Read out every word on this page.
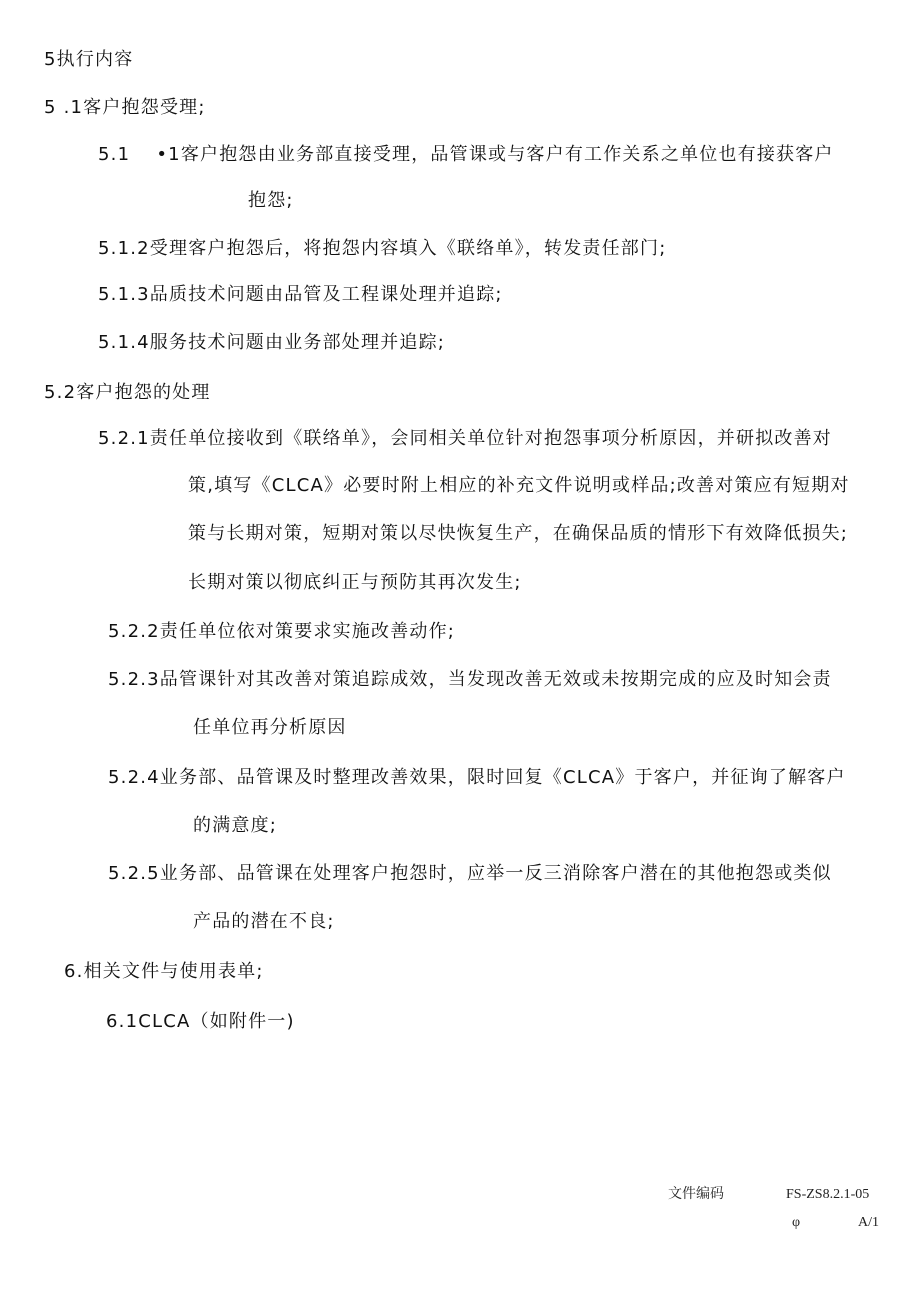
5执行内容
5 .1客户抱怨受理;
5.1　 •1客户抱怨由业务部直接受理，品管课或与客户有工作关系之单位也有接获客户
抱怨;
5.1.2受理客户抱怨后，将抱怨内容填入《联络单》，转发责任部门;
5.1.3品质技术问题由品管及工程课处理并追踪;
5.1.4服务技术问题由业务部处理并追踪;
5.2客户抱怨的处理
5.2.1责任单位接收到《联络单》，会同相关单位针对抱怨事项分析原因，并研拟改善对
策,填写《CLCA》必要时附上相应的补充文件说明或样品;改善对策应有短期对
策与长期对策，短期对策以尽快恢复生产，在确保品质的情形下有效降低损失;
长期对策以彻底纠正与预防其再次发生;
5.2.2责任单位依对策要求实施改善动作;
5.2.3品管课针对其改善对策追踪成效，当发现改善无效或未按期完成的应及时知会责
任单位再分析原因
5.2.4业务部、品管课及时整理改善效果，限时回复《CLCA》于客户，并征询了解客户
的满意度;
5.2.5业务部、品管课在处理客户抱怨时，应举一反三消除客户潜在的其他抱怨或类似
产品的潜在不良;
6.相关文件与使用表单;
6.1CLCA（如附件一)
文件编码	FS-ZS8.2.1-05
φ	A/1
